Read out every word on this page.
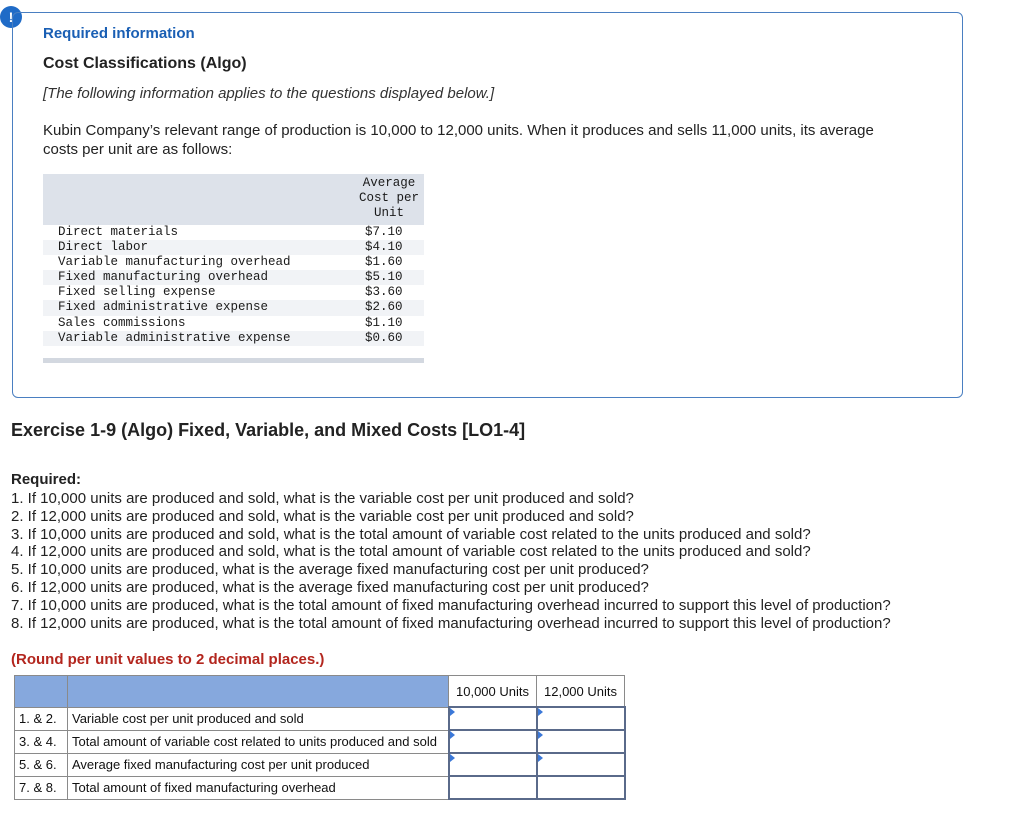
!
Required information
Cost Classifications (Algo)
[The following information applies to the questions displayed below.]
Kubin Company’s relevant range of production is 10,000 to 12,000 units. When it produces and sells 11,000 units, its average costs per unit are as follows:
Average
Cost per
Unit
Direct materials	$7.10
Direct labor	$4.10
Variable manufacturing overhead	$1.60
Fixed manufacturing overhead	$5.10
Fixed selling expense	$3.60
Fixed administrative expense	$2.60
Sales commissions	$1.10
Variable administrative expense	$0.60
Exercise 1-9 (Algo) Fixed, Variable, and Mixed Costs [LO1-4]
Required:
1. If 10,000 units are produced and sold, what is the variable cost per unit produced and sold?
2. If 12,000 units are produced and sold, what is the variable cost per unit produced and sold?
3. If 10,000 units are produced and sold, what is the total amount of variable cost related to the units produced and sold?
4. If 12,000 units are produced and sold, what is the total amount of variable cost related to the units produced and sold?
5. If 10,000 units are produced, what is the average fixed manufacturing cost per unit produced?
6. If 12,000 units are produced, what is the average fixed manufacturing cost per unit produced?
7. If 10,000 units are produced, what is the total amount of fixed manufacturing overhead incurred to support this level of production?
8. If 12,000 units are produced, what is the total amount of fixed manufacturing overhead incurred to support this level of production?
(Round per unit values to 2 decimal places.)
		10,000 Units	12,000 Units
1. & 2.	Variable cost per unit produced and sold	

3. & 4.	Total amount of variable cost related to units produced and sold	

5. & 6.	Average fixed manufacturing cost per unit produced	

7. & 8.	Total amount of fixed manufacturing overhead		
